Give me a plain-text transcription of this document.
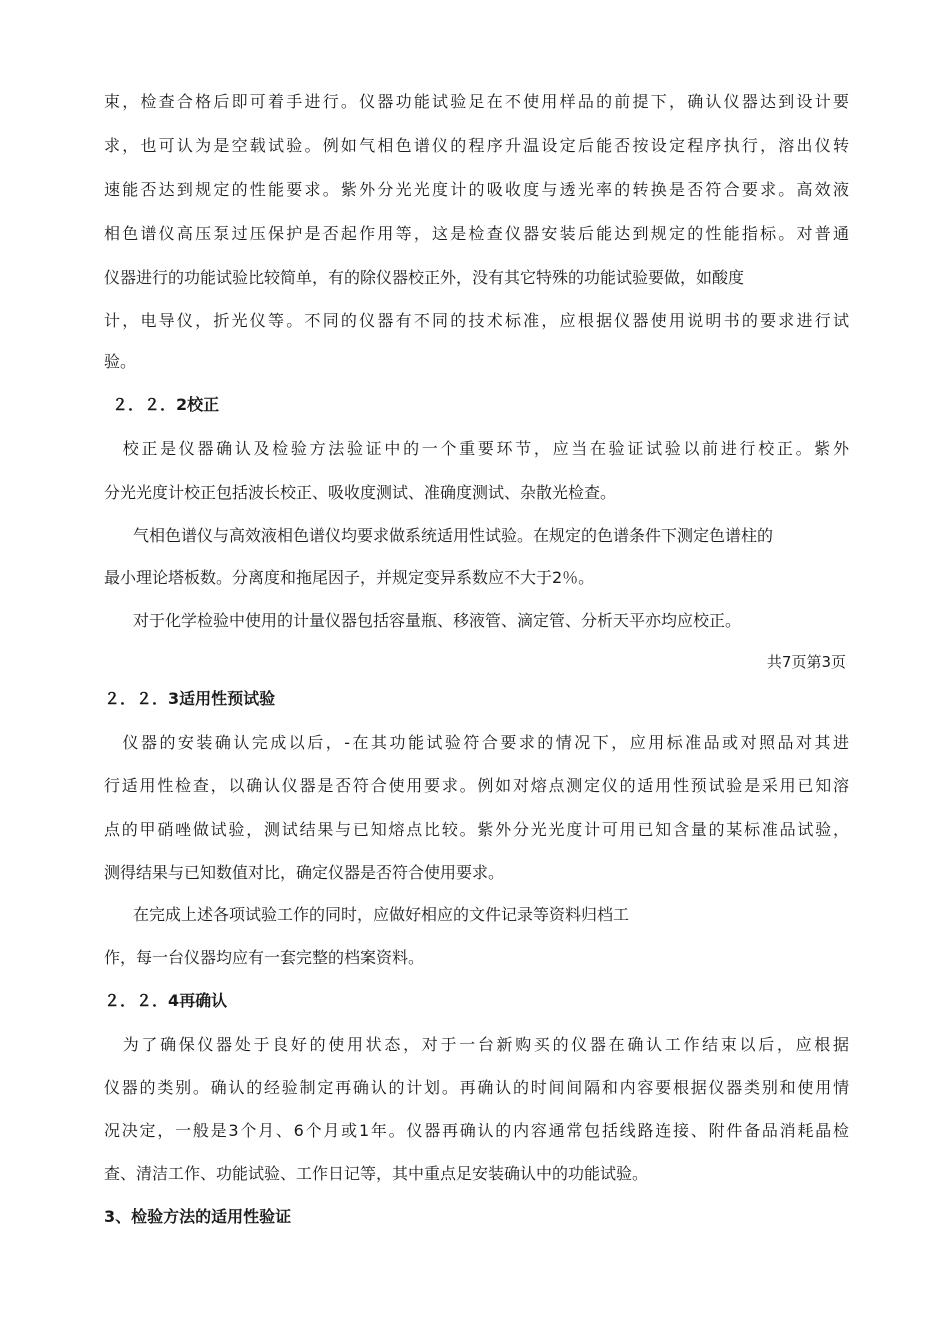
束，检查合格后即可着手进行。仪器功能试验足在不使用样品的前提下，确认仪器达到设计要
求，也可认为是空载试验。例如气相色谱仪的程序升温设定后能否按设定程序执行，溶出仪转
速能否达到规定的性能要求。紫外分光光度计的吸收度与透光率的转换是否符合要求。高效液
相色谱仪高压泵过压保护是否起作用等，这是检查仪器安装后能达到规定的性能指标。对普通
仪器进行的功能试验比较简单，有的除仪器校正外，没有其它特殊的功能试验要做，如酸度
计，电导仪，折光仪等。不同的仪器有不同的技术标准，应根据仪器使用说明书的要求进行试
验。
２．２．2校正
　校正是仪器确认及检验方法验证中的一个重要环节，应当在验证试验以前进行校正。紫外
分光光度计校正包括波长校正、吸收度测试、准确度测试、杂散光检查。
气相色谱仪与高效液相色谱仪均要求做系统适用性试验。在规定的色谱条件下测定色谱柱的
最小理论塔板数。分离度和拖尾因子，并规定变异系数应不大于2％。
对于化学检验中使用的计量仪器包括容量瓶、移液管、滴定管、分析天平亦均应校正。
共7页第3页
２．２．3适用性预试验
　仪器的安装确认完成以后，-在其功能试验符合要求的情况下，应用标准品或对照品对其进
行适用性检查，以确认仪器是否符合使用要求。例如对熔点测定仪的适用性预试验是采用已知溶
点的甲硝唑做试验，测试结果与已知熔点比较。紫外分光光度计可用已知含量的某标准品试验，
测得结果与已知数值对比，确定仪器是否符合使用要求。
在完成上述各项试验工作的同时，应做好相应的文件记录等资料归档工
作，每一台仪器均应有一套完整的档案资料。
２．２．4再确认
　为了确保仪器处于良好的使用状态，对于一台新购买的仪器在确认工作结束以后，应根据
仪器的类别。确认的经验制定再确认的计划。再确认的时间间隔和内容要根据仪器类别和使用情
况决定，一般是3个月、6个月或1年。仪器再确认的内容通常包括线路连接、附件备品消耗晶检
查、清洁工作、功能试验、工作日记等，其中重点足安装确认中的功能试验。
3、检验方法的适用性验证
